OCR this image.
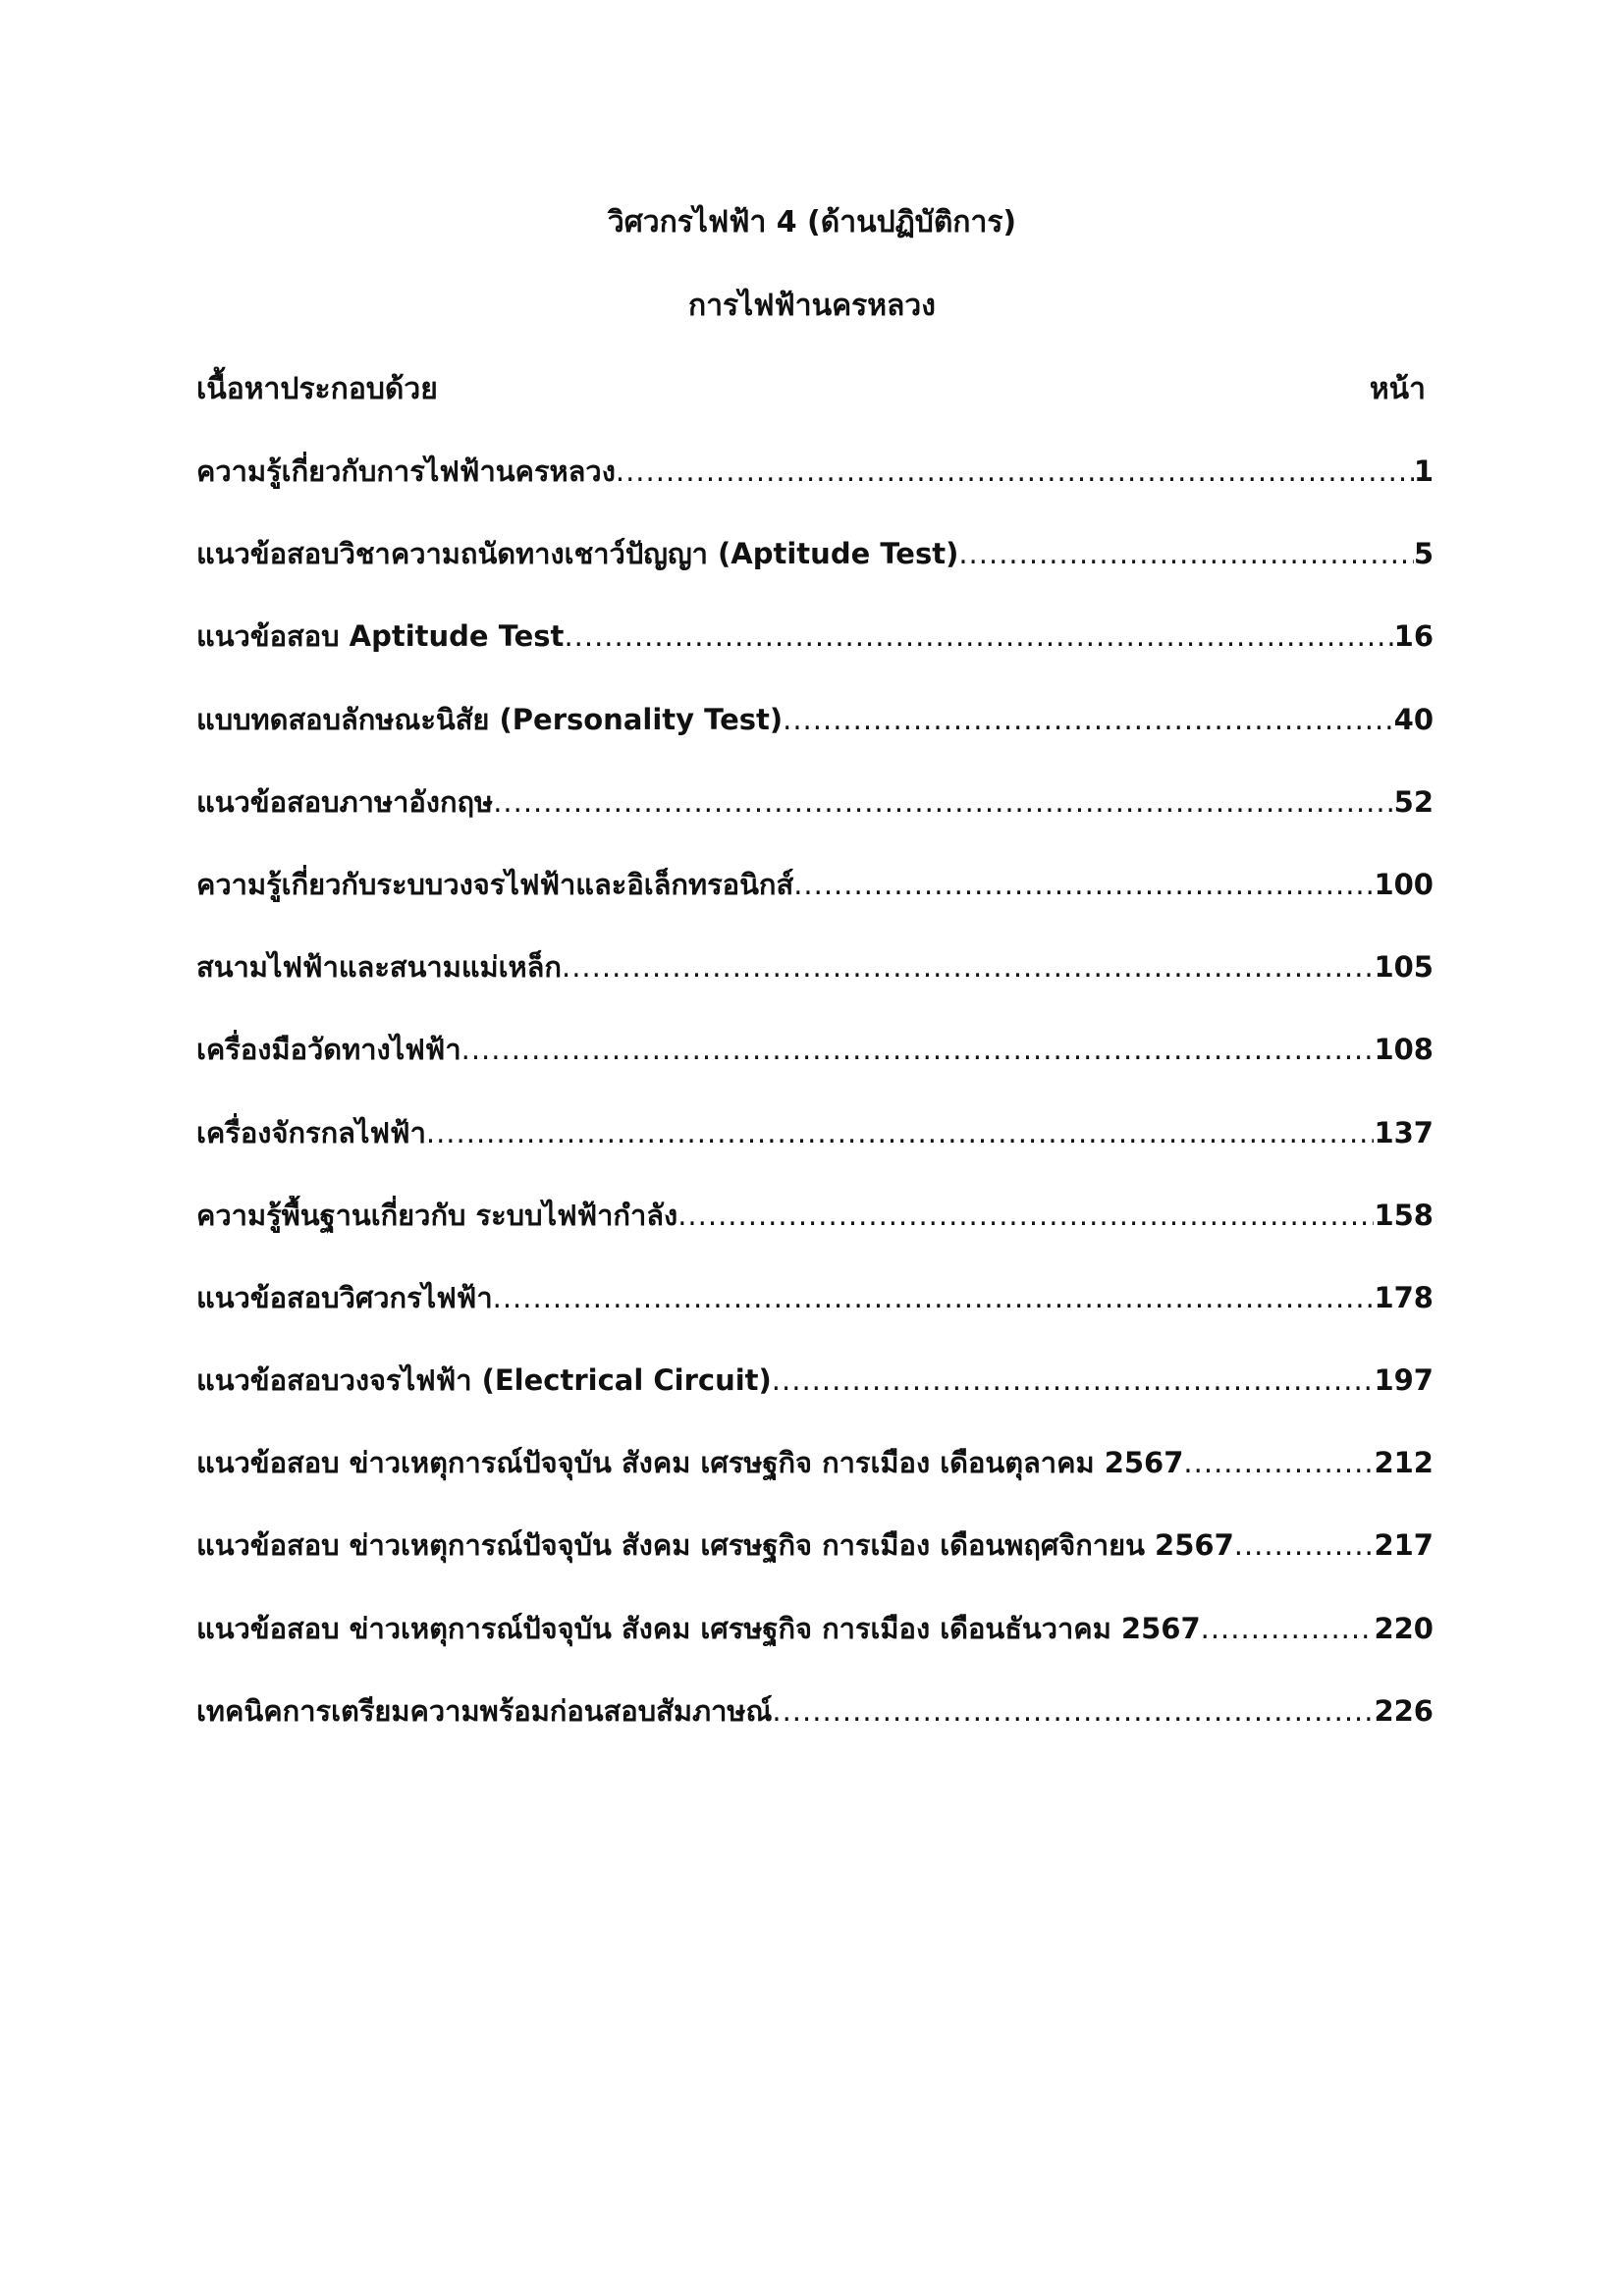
วิศวกรไฟฟ้า 4 (ด้านปฏิบัติการ)
การไฟฟ้านครหลวง
เนื้อหาประกอบด้วย	หน้า
ความรู้เกี่ยวกับการไฟฟ้านครหลวง .....	1
แนวข้อสอบวิชาความถนัดทางเชาว์ปัญญา (Aptitude Test) .....	5
แนวข้อสอบ Aptitude Test .....	16
แบบทดสอบลักษณะนิสัย (Personality Test) .....	40
แนวข้อสอบภาษาอังกฤษ .....	52
ความรู้เกี่ยวกับระบบวงจรไฟฟ้าและอิเล็กทรอนิกส์ .....	100
สนามไฟฟ้าและสนามแม่เหล็ก .....	105
เครื่องมือวัดทางไฟฟ้า .....	108
เครื่องจักรกลไฟฟ้า .....	137
ความรู้พื้นฐานเกี่ยวกับ ระบบไฟฟ้ากำลัง .....	158
แนวข้อสอบวิศวกรไฟฟ้า .....	178
แนวข้อสอบวงจรไฟฟ้า (Electrical Circuit) .....	197
แนวข้อสอบ ข่าวเหตุการณ์ปัจจุบัน สังคม เศรษฐกิจ การเมือง เดือนตุลาคม 2567 .....	212
แนวข้อสอบ ข่าวเหตุการณ์ปัจจุบัน สังคม เศรษฐกิจ การเมือง เดือนพฤศจิกายน 2567 .....	217
แนวข้อสอบ ข่าวเหตุการณ์ปัจจุบัน สังคม เศรษฐกิจ การเมือง เดือนธันวาคม 2567 .....	220
เทคนิคการเตรียมความพร้อมก่อนสอบสัมภาษณ์ .....	226
